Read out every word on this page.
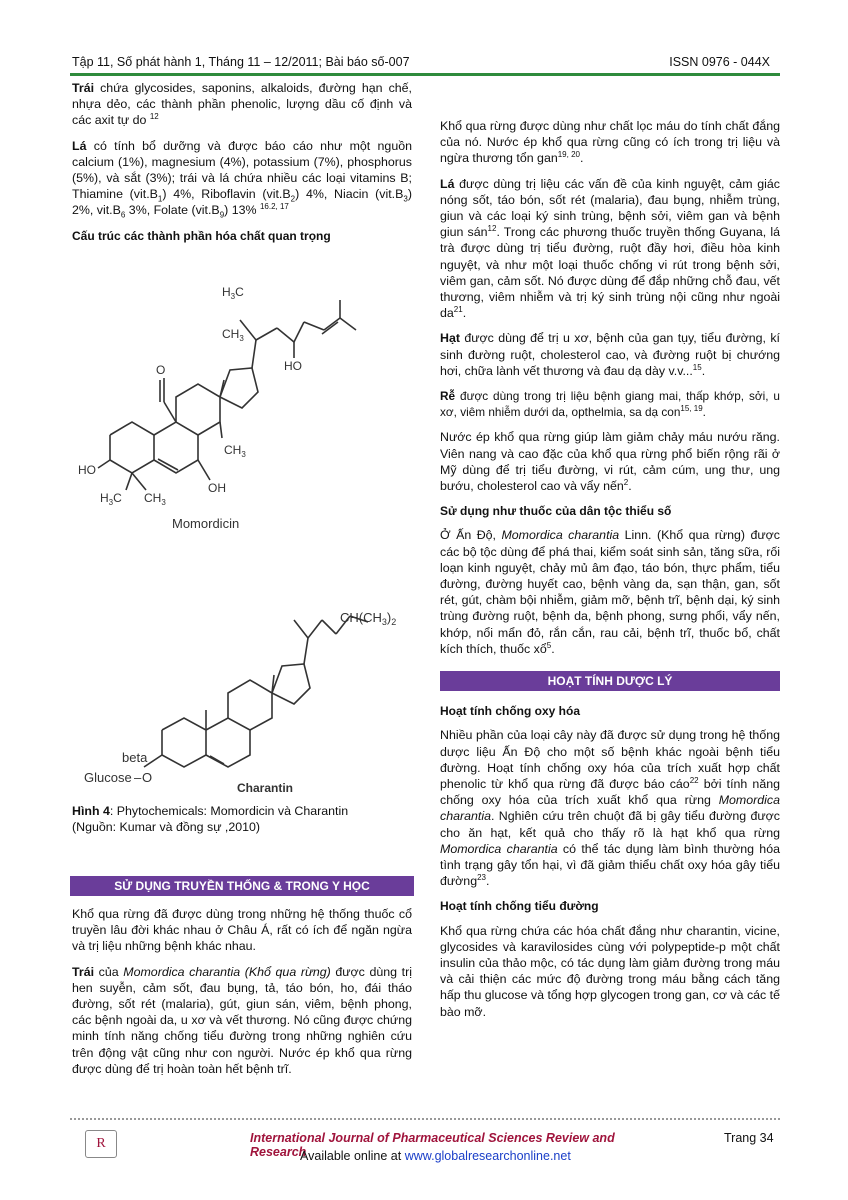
Tập 11, Số phát hành 1, Tháng 11 – 12/2011; Bài báo số-007	ISSN 0976 - 044X

Trái chứa glycosides, saponins, alkaloids, đường hạn chế, nhựa dẻo, các thành phần phenolic, lượng dầu cố định và các axit tự do $^{12}$

Lá có tính bổ dưỡng và được báo cáo như một nguồn calcium (1%), magnesium (4%), potassium (7%), phosphorus (5%), và sắt (3%); trái và lá chứa nhiều các loại vitamins B; Thiamine $(vit.B_1)$ 4%, Riboflavin $(vit.B_2)$ 4%, Niacin $(vit.B_3)$ 2%, $vit.B_6$ 3%, Folate $(vit.B_9)$ 13% $^{16.2, 17}$

Cấu trúc các thành phần hóa chất quan trọng
$H_3C$
$CH_3$
$CH_3$
HO
HO
OH
$H_3C$ $CH_3$
O
Momordicin
$CH(CH_3)_2$
beta
Glucose – O
Charantin
Hình 4: Phytochemicals: Momordicin và Charantin
(Nguồn: Kumar và đồng sự ,2010)
SỬ DỤNG TRUYỀN THỐNG & TRONG Y HỌC

Khổ qua rừng đã được dùng trong những hệ thống thuốc cổ truyền lâu đời khác nhau ở Châu Á, rất có ích để ngăn ngừa và trị liệu những bệnh khác nhau.

Trái của Momordica charantia (Khổ qua rừng) được dùng trị hen suyễn, cảm sốt, đau bụng, tả, táo bón, ho, đái tháo đường, sốt rét (malaria), gút, giun sán, viêm, bệnh phong, các bệnh ngoài da, u xơ và vết thương. Nó cũng được chứng minh tính năng chống tiểu đường trong những nghiên cứu trên động vật cũng như con người. Nước ép khổ qua rừng được dùng để trị hoàn toàn hết bệnh trĩ.

Khổ qua rừng được dùng như chất lọc máu do tính chất đắng của nó. Nước ép khổ qua rừng cũng có ích trong trị liệu và ngừa thương tổn gan$^{19, 20}$.

Lá được dùng trị liệu các vấn đề của kinh nguyệt, cảm giác nóng sốt, táo bón, sốt rét (malaria), đau bụng, nhiễm trùng, giun và các loại ký sinh trùng, bệnh sởi, viêm gan và bệnh giun sán$^{12}$. Trong các phương thuốc truyền thống Guyana, lá trà được dùng trị tiểu đường, ruột đầy hơi, điều hòa kinh nguyệt, và như một loại thuốc chống vi rút trong bệnh sởi, viêm gan, cảm sốt. Nó được dùng để đắp những chỗ đau, vết thương, viêm nhiễm và trị ký sinh trùng nội cũng như ngoài $da^{21}$.

Hạt được dùng để trị u xơ, bệnh của gan tụy, tiểu đường, kí sinh đường ruột, cholesterol cao, và đường ruột bị chướng hơi, chữa lành vết thương và đau dạ dày v.v...$^{15}$.

Rễ được dùng trong trị liệu bệnh giang mai, thấp khớp, sởi, u xơ, viêm nhiễm dưới da, opthelmia, sa dạ con$^{15, 19}$.

Nước ép khổ qua rừng giúp làm giảm chảy máu nướu răng. Viên nang và cao đặc của khổ qua rừng phổ biến rộng rãi ở Mỹ dùng để trị tiểu đường, vi rút, cảm cúm, ung thư, ung bướu, cholesterol cao và vẩy nến$^2$.

Sử dụng như thuốc của dân tộc thiểu số

Ở Ấn Độ, Momordica charantia Linn. (Khổ qua rừng) được các bộ tộc dùng để phá thai, kiểm soát sinh sản, tăng sữa, rối loạn kinh nguyệt, chảy mủ âm đạo, táo bón, thực phẩm, tiểu đường, đường huyết cao, bệnh vàng da, sạn thận, gan, sốt rét, gút, chàm bội nhiễm, giảm mỡ, bệnh trĩ, bệnh dại, ký sinh trùng đường ruột, bệnh da, bệnh phong, sưng phổi, vẩy nến, khớp, nổi mẩn đỏ, rắn cắn, rau cải, bệnh trĩ, thuốc bổ, chất kích thích, thuốc xổ$^5$.

HOẠT TÍNH DƯỢC LÝ
Hoạt tính chống oxy hóa

Nhiều phần của loại cây này đã được sử dụng trong hệ thống dược liệu Ấn Độ cho một số bệnh khác ngoài bệnh tiểu đường. Hoạt tính chống oxy hóa của trích xuất hợp chất phenolic từ khổ qua rừng đã được báo cáo$^{22}$ bởi tính năng chống oxy hóa của trích xuất khổ qua rừng Momordica charantia. Nghiên cứu trên chuột đã bị gây tiểu đường được cho ăn hạt, kết quả cho thấy rõ là hạt khổ qua rừng Momordica charantia có thể tác dụng làm bình thường hóa tình trạng gây tổn hại, vì đã giảm thiểu chất oxy hóa gây tiểu đường$^{23}$.

Hoạt tính chống tiểu đường

Khổ qua rừng chứa các hóa chất đắng như charantin, vicine, glycosides và karavilosides cùng với polypeptide-p một chất insulin của thảo mộc, có tác dụng làm giảm đường trong máu và cải thiện các mức độ đường trong máu bằng cách tăng hấp thu glucose và tổng hợp glycogen trong gan, cơ và các tế bào mỡ.

R	International Journal of Pharmaceutical Sciences Review and Research
Trang 34
Available online at www.globalresearchonline.net
